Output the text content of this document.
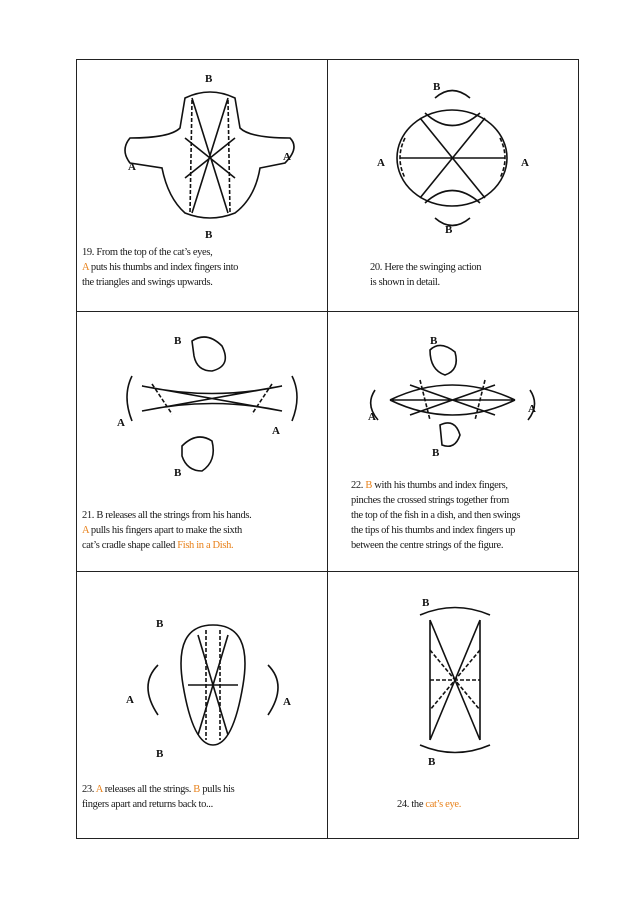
B
A
A
B
B
A	A
B
B
A
A
B
B
A
A
B
B
A	A
B
B
B
19. From the top of the cat’s eyes,
A puts his thumbs and index fingers into
the triangles and swings upwards.
20. Here the swinging action
is shown in detail.
21. B releases all the strings from his hands.
A pulls his fingers apart to make the sixth
cat’s cradle shape called Fish in a Dish.
22. B with his thumbs and index fingers,
pinches the crossed strings together from
the top of the fish in a dish, and then swings
the tips of his thumbs and index fingers up
between the centre strings of the figure.
23. A releases all the strings. B pulls his
fingers apart and returns back to...	24. the cat’s eye.
